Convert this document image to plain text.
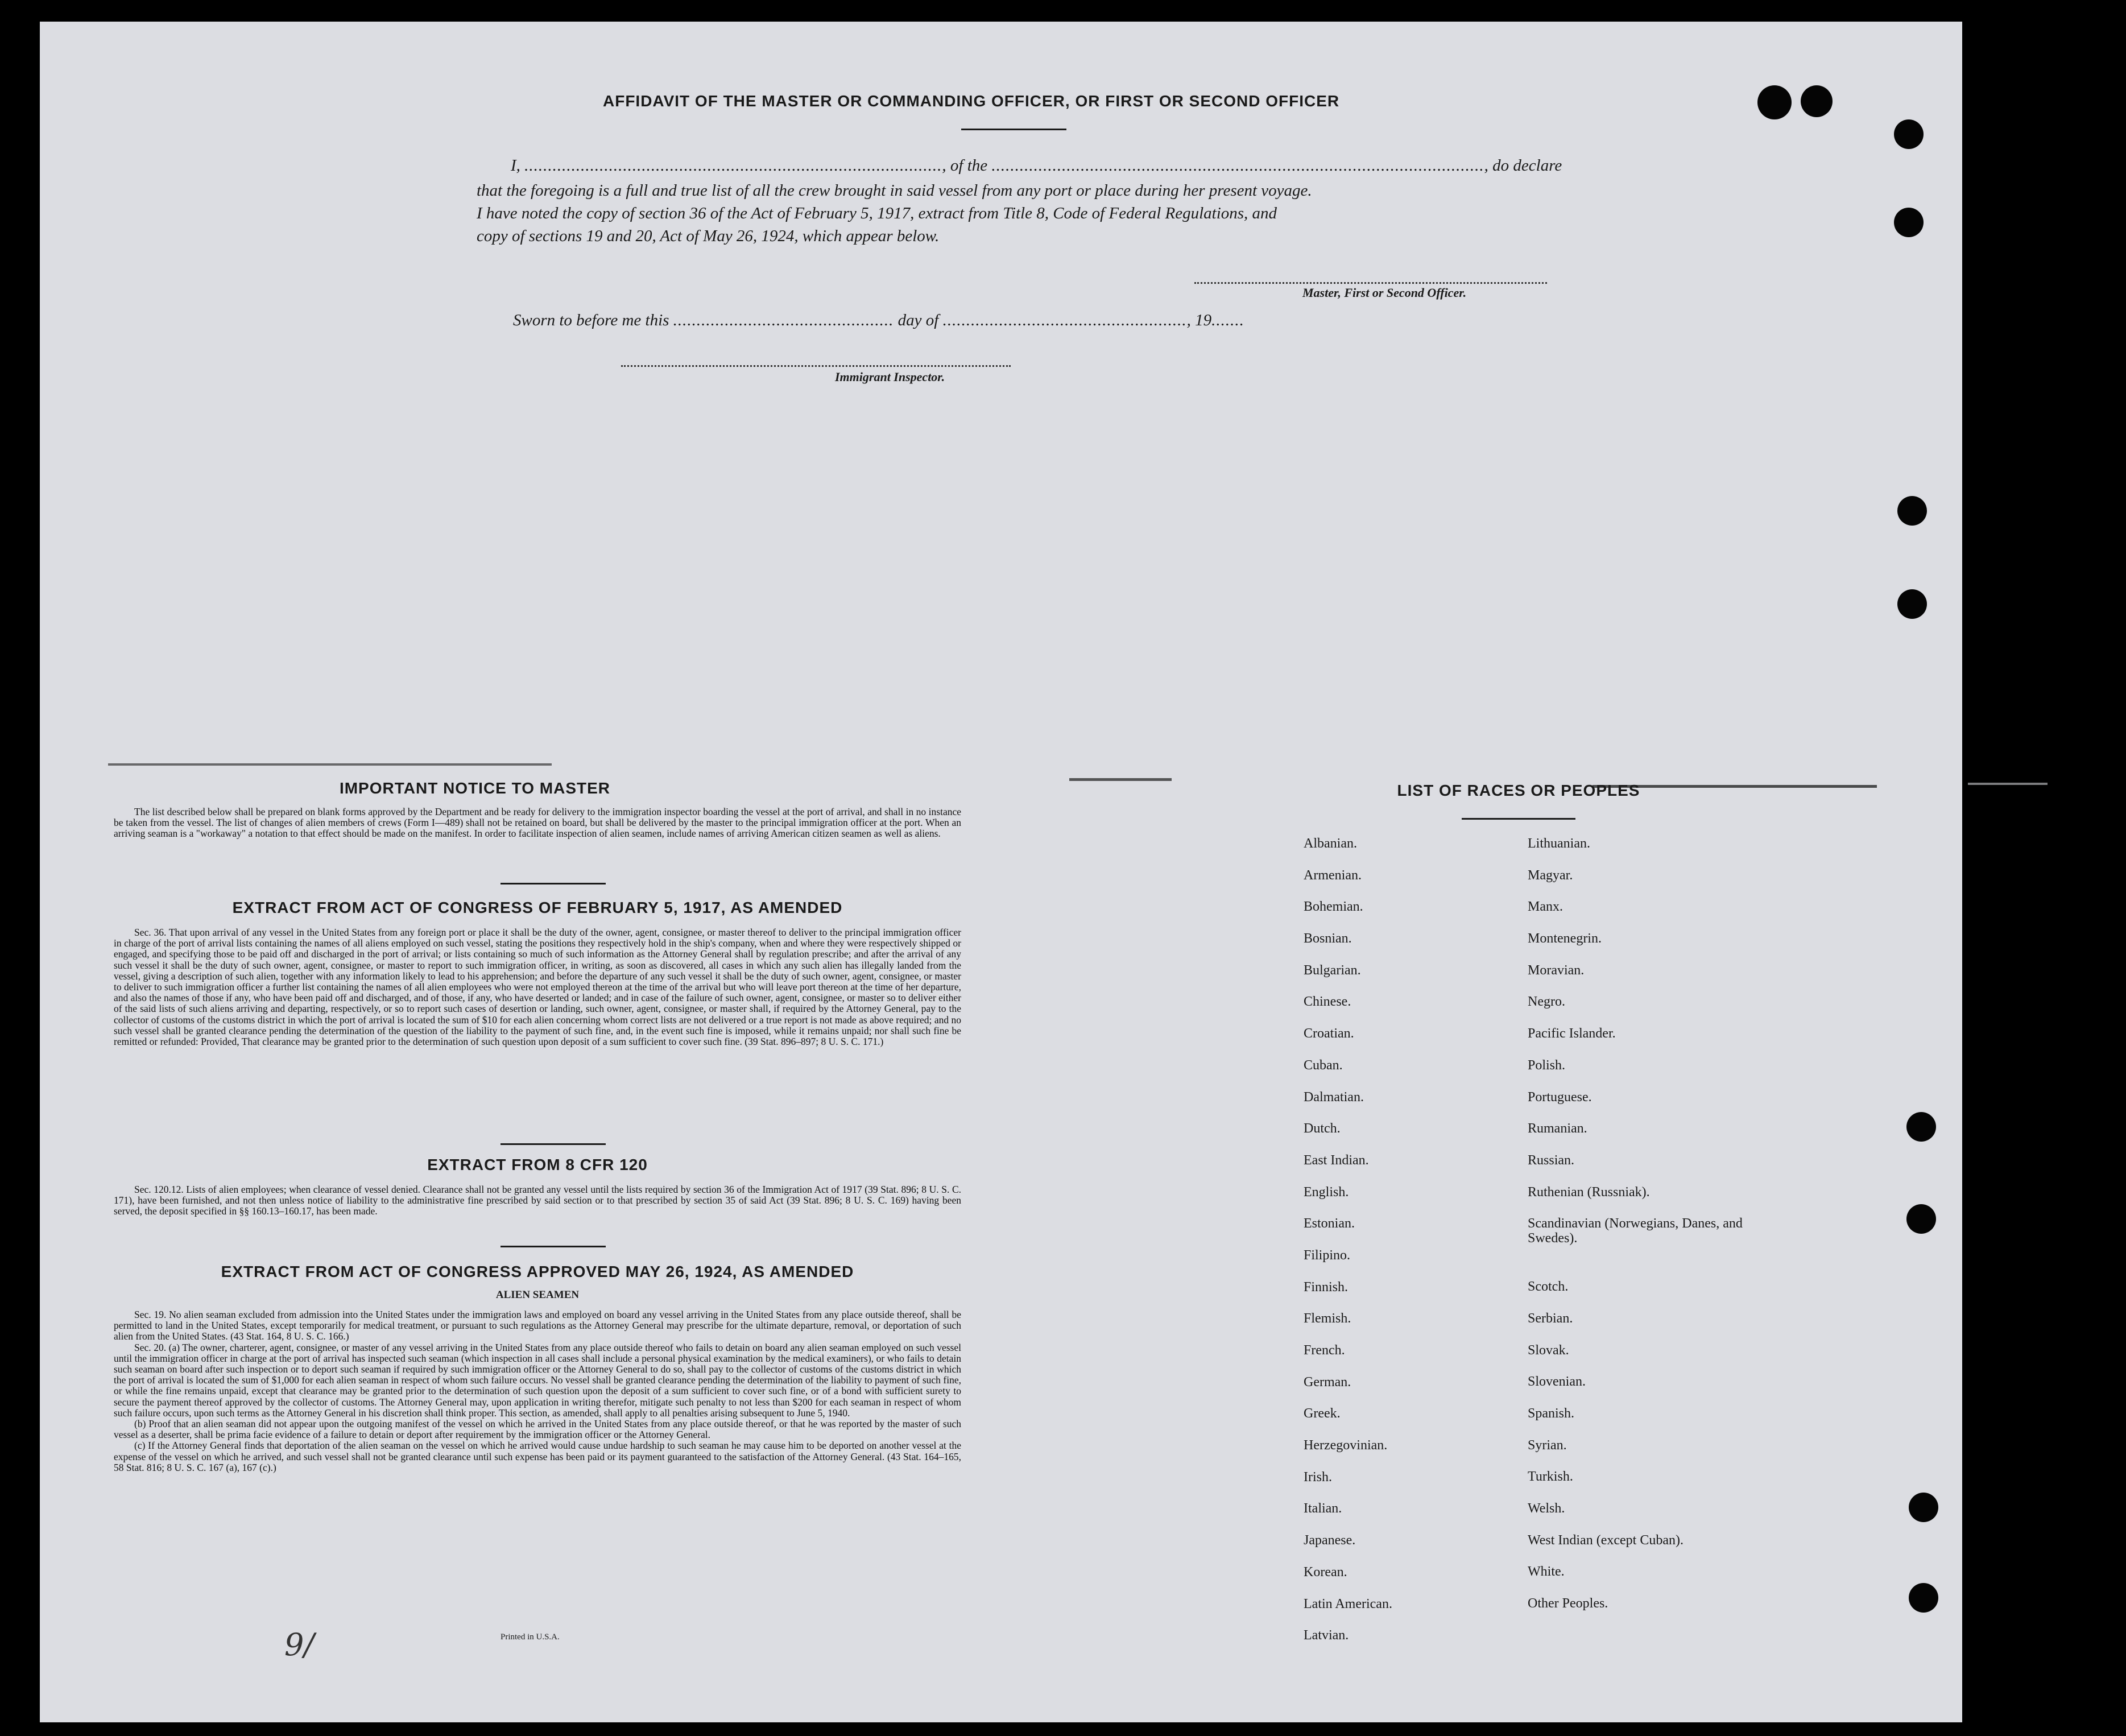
AFFIDAVIT OF THE MASTER OR COMMANDING OFFICER, OR FIRST OR SECOND OFFICER
I, ........................................................................................., of the ........................................................................................................., do declare
that the foregoing is a full and true list of all the crew brought in said vessel from any port or place during her present voyage.
I have noted the copy of section 36 of the Act of February 5, 1917, extract from Title 8, Code of Federal Regulations, and
copy of sections 19 and 20, Act of May 26, 1924, which appear below.
Master, First or Second Officer.
Sworn to before me this ............................................... day of ...................................................., 19.......
Immigrant Inspector.
IMPORTANT NOTICE TO MASTER

The list described below shall be prepared on blank forms approved by the Department and be ready for delivery to the immigration inspector boarding the vessel at the port of arrival, and shall in no instance be taken from the vessel. The list of changes of alien members of crews (Form I—489) shall not be retained on board, but shall be delivered by the master to the principal immigration officer at the port. When an arriving seaman is a "workaway" a notation to that effect should be made on the manifest. In order to facilitate inspection of alien seamen, include names of arriving American citizen seamen as well as aliens.

EXTRACT FROM ACT OF CONGRESS OF FEBRUARY 5, 1917, AS AMENDED

Sec. 36. That upon arrival of any vessel in the United States from any foreign port or place it shall be the duty of the owner, agent, consignee, or master thereof to deliver to the principal immigration officer in charge of the port of arrival lists containing the names of all aliens employed on such vessel, stating the positions they respectively hold in the ship's company, when and where they were respectively shipped or engaged, and specifying those to be paid off and discharged in the port of arrival; or lists containing so much of such information as the Attorney General shall by regulation prescribe; and after the arrival of any such vessel it shall be the duty of such owner, agent, consignee, or master to report to such immigration officer, in writing, as soon as discovered, all cases in which any such alien has illegally landed from the vessel, giving a description of such alien, together with any information likely to lead to his apprehension; and before the departure of any such vessel it shall be the duty of such owner, agent, consignee, or master to deliver to such immigration officer a further list containing the names of all alien employees who were not employed thereon at the time of the arrival but who will leave port thereon at the time of her departure, and also the names of those if any, who have been paid off and discharged, and of those, if any, who have deserted or landed; and in case of the failure of such owner, agent, consignee, or master so to deliver either of the said lists of such aliens arriving and departing, respectively, or so to report such cases of desertion or landing, such owner, agent, consignee, or master shall, if required by the Attorney General, pay to the collector of customs of the customs district in which the port of arrival is located the sum of $10 for each alien concerning whom correct lists are not delivered or a true report is not made as above required; and no such vessel shall be granted clearance pending the determination of the question of the liability to the payment of such fine, and, in the event such fine is imposed, while it remains unpaid; nor shall such fine be remitted or refunded: Provided, That clearance may be granted prior to the determination of such question upon deposit of a sum sufficient to cover such fine. (39 Stat. 896–897; 8 U. S. C. 171.)

EXTRACT FROM 8 CFR 120

Sec. 120.12. Lists of alien employees; when clearance of vessel denied. Clearance shall not be granted any vessel until the lists required by section 36 of the Immigration Act of 1917 (39 Stat. 896; 8 U. S. C. 171), have been furnished, and not then unless notice of liability to the administrative fine prescribed by said section or to that prescribed by section 35 of said Act (39 Stat. 896; 8 U. S. C. 169) having been served, the deposit specified in §§ 160.13–160.17, has been made.

EXTRACT FROM ACT OF CONGRESS APPROVED MAY 26, 1924, AS AMENDED
ALIEN SEAMEN

Sec. 19. No alien seaman excluded from admission into the United States under the immigration laws and employed on board any vessel arriving in the United States from any place outside thereof, shall be permitted to land in the United States, except temporarily for medical treatment, or pursuant to such regulations as the Attorney General may prescribe for the ultimate departure, removal, or deportation of such alien from the United States. (43 Stat. 164, 8 U. S. C. 166.)

Sec. 20. (a) The owner, charterer, agent, consignee, or master of any vessel arriving in the United States from any place outside thereof who fails to detain on board any alien seaman employed on such vessel until the immigration officer in charge at the port of arrival has inspected such seaman (which inspection in all cases shall include a personal physical examination by the medical examiners), or who fails to detain such seaman on board after such inspection or to deport such seaman if required by such immigration officer or the Attorney General to do so, shall pay to the collector of customs of the customs district in which the port of arrival is located the sum of $1,000 for each alien seaman in respect of whom such failure occurs. No vessel shall be granted clearance pending the determination of the liability to payment of such fine, or while the fine remains unpaid, except that clearance may be granted prior to the determination of such question upon the deposit of a sum sufficient to cover such fine, or of a bond with sufficient surety to secure the payment thereof approved by the collector of customs. The Attorney General may, upon application in writing therefor, mitigate such penalty to not less than $200 for each seaman in respect of whom such failure occurs, upon such terms as the Attorney General in his discretion shall think proper. This section, as amended, shall apply to all penalties arising subsequent to June 5, 1940.

(b) Proof that an alien seaman did not appear upon the outgoing manifest of the vessel on which he arrived in the United States from any place outside thereof, or that he was reported by the master of such vessel as a deserter, shall be prima facie evidence of a failure to detain or deport after requirement by the immigration officer or the Attorney General.

(c) If the Attorney General finds that deportation of the alien seaman on the vessel on which he arrived would cause undue hardship to such seaman he may cause him to be deported on another vessel at the expense of the vessel on which he arrived, and such vessel shall not be granted clearance until such expense has been paid or its payment guaranteed to the satisfaction of the Attorney General. (43 Stat. 164–165, 58 Stat. 816; 8 U. S. C. 167 (a), 167 (c).)

Printed in U.S.A.
9/
LIST OF RACES OR PEOPLES
Albanian.
Armenian.
Bohemian.
Bosnian.
Bulgarian.
Chinese.
Croatian.
Cuban.
Dalmatian.
Dutch.
East Indian.
English.
Estonian.
Filipino.
Finnish.
Flemish.
French.
German.
Greek.
Herzegovinian.
Irish.
Italian.
Japanese.
Korean.
Latin American.
Latvian.
Lithuanian.
Magyar.
Manx.
Montenegrin.
Moravian.
Negro.
Pacific Islander.
Polish.
Portuguese.
Rumanian.
Russian.
Ruthenian (Russniak).
Scandinavian (Norwegians, Danes, and Swedes).
Scotch.
Serbian.
Slovak.
Slovenian.
Spanish.
Syrian.
Turkish.
Welsh.
West Indian (except Cuban).
White.
Other Peoples.
